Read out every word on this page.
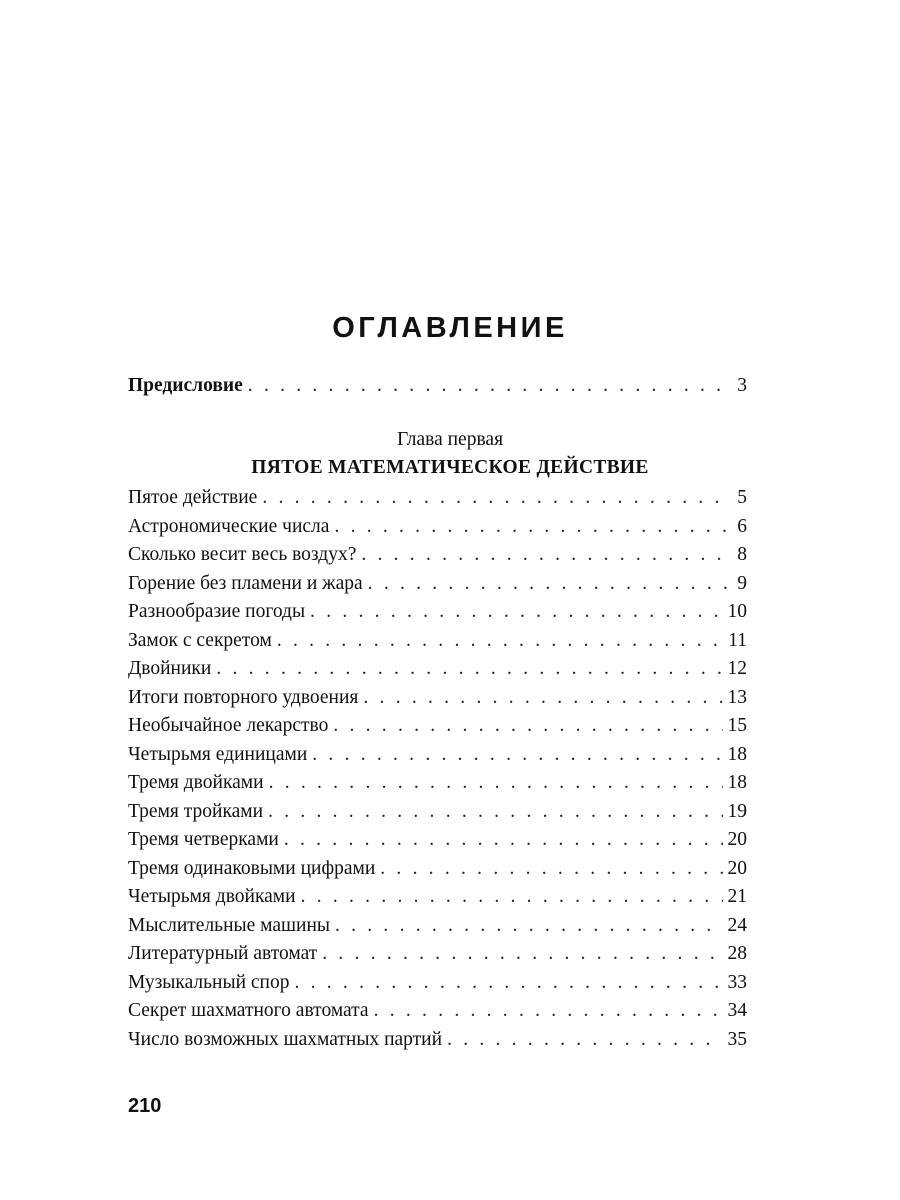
ОГЛАВЛЕНИЕ
Предисловие . . .	3
Глава первая
ПЯТОЕ МАТЕМАТИЧЕСКОЕ ДЕЙСТВИЕ
Пятое действие . . .	5
Астрономические числа . . .	6
Сколько весит весь воздух? . . .	8
Горение без пламени и жара . . .	9
Разнообразие погоды . . .	10
Замок с секретом . . .	11
Двойники . . .	12
Итоги повторного удвоения . . .	13
Необычайное лекарство . . .	15
Четырьмя единицами . . .	18
Тремя двойками . . .	18
Тремя тройками . . .	19
Тремя четверками . . .	20
Тремя одинаковыми цифрами . . .	20
Четырьмя двойками . . .	21
Мыслительные машины . . .	24
Литературный автомат . . .	28
Музыкальный спор . . .	33
Секрет шахматного автомата . . .	34
Число возможных шахматных партий . . .	35
210
